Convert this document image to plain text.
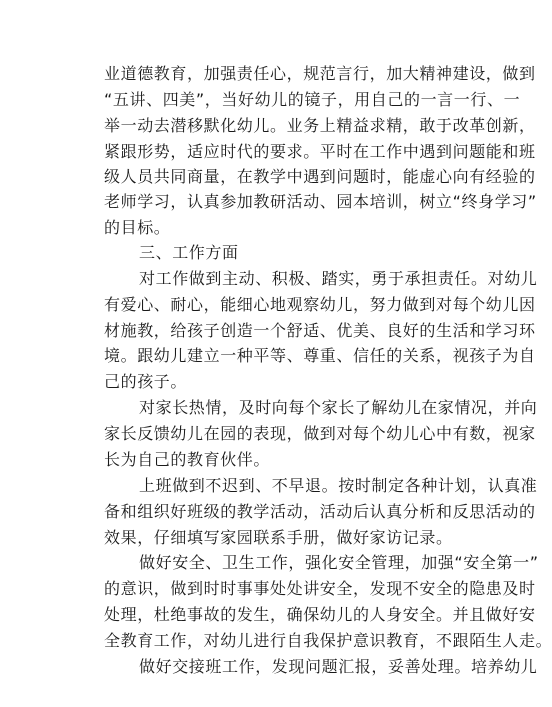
业道德教育，加强责任心，规范言行，加大精神建设，做到
“五讲、四美”，当好幼儿的镜子，用自己的一言一行、一
举一动去潜移默化幼儿。业务上精益求精，敢于改革创新，
紧跟形势，适应时代的要求。平时在工作中遇到问题能和班
级人员共同商量，在教学中遇到问题时，能虚心向有经验的
老师学习，认真参加教研活动、园本培训，树立“终身学习”
的目标。
三、工作方面
对工作做到主动、积极、踏实，勇于承担责任。对幼儿
有爱心、耐心，能细心地观察幼儿，努力做到对每个幼儿因
材施教，给孩子创造一个舒适、优美、良好的生活和学习环
境。跟幼儿建立一种平等、尊重、信任的关系，视孩子为自
己的孩子。
对家长热情，及时向每个家长了解幼儿在家情况，并向
家长反馈幼儿在园的表现，做到对每个幼儿心中有数，视家
长为自己的教育伙伴。
上班做到不迟到、不早退。按时制定各种计划，认真准
备和组织好班级的教学活动，活动后认真分析和反思活动的
效果，仔细填写家园联系手册，做好家访记录。
做好安全、卫生工作，强化安全管理，加强“安全第一”
的意识，做到时时事事处处讲安全，发现不安全的隐患及时
处理，杜绝事故的发生，确保幼儿的人身安全。并且做好安
全教育工作，对幼儿进行自我保护意识教育，不跟陌生人走。
做好交接班工作，发现问题汇报，妥善处理。培养幼儿
